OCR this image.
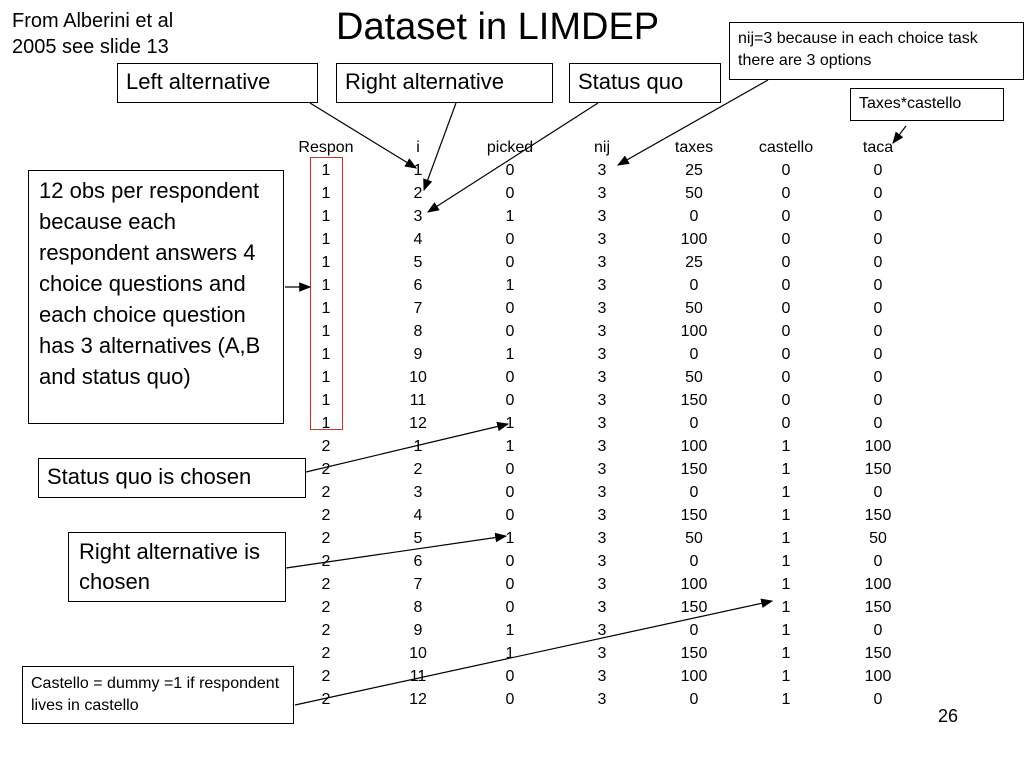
From Alberini et al
2005 see slide 13	Dataset in LIMDEP	nij=3 because in each choice task there are 3 options
Taxes*castello
Left alternative	Right alternative	Status quo
12 obs per respondent because each respondent answers 4 choice questions and each choice question has 3 alternatives (A,B and status quo)
Status quo is chosen
Right alternative is chosen
Castello = dummy =1 if respondent lives in castello
Respon	i	picked	nij	taxes	castello	taca
1	1	0	3	25	0	0
1	2	0	3	50	0	0
1	3	1	3	0	0	0
1	4	0	3	100	0	0
1	5	0	3	25	0	0
1	6	1	3	0	0	0
1	7	0	3	50	0	0
1	8	0	3	100	0	0
1	9	1	3	0	0	0
1	10	0	3	50	0	0
1	11	0	3	150	0	0
1	12	1	3	0	0	0
2	1	1	3	100	1	100
2	2	0	3	150	1	150
2	3	0	3	0	1	0
2	4	0	3	150	1	150
2	5	1	3	50	1	50
2	6	0	3	0	1	0
2	7	0	3	100	1	100
2	8	0	3	150	1	150
2	9	1	3	0	1	0
2	10	1	3	150	1	150
2	11	0	3	100	1	100
2	12	0	3	0	1	0
26
